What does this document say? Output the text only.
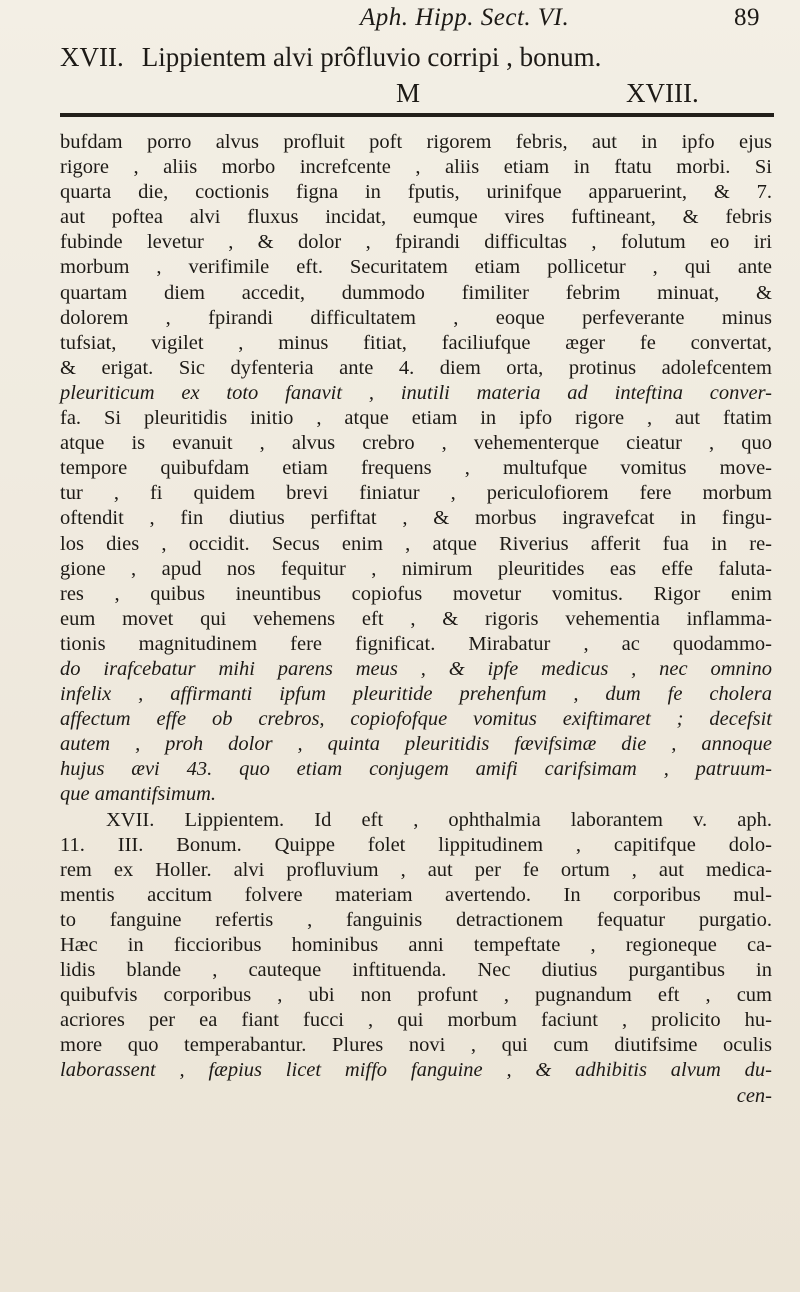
Aph. Hipp. Sect. VI.	89
XVII. Lippientem alvi prôfluvio corripi , bonum.
M	XVIII.
bufdam porro alvus profluit poft rigorem febris, aut in ipfo ejus
rigore , aliis morbo increfcente , aliis etiam in ftatu morbi. Si
quarta die, coctionis figna in fputis, urinifque apparuerint, & 7.
aut poftea alvi fluxus incidat, eumque vires fuftineant, & febris
fubinde levetur , & dolor , fpirandi difficultas , folutum eo iri
morbum , verifimile eft. Securitatem etiam pollicetur , qui ante
quartam diem accedit, dummodo fimiliter febrim minuat, &
dolorem , fpirandi difficultatem , eoque perfeverante minus
tufsiat, vigilet , minus fitiat, faciliufque æger fe convertat,
& erigat. Sic dyfenteria ante 4. diem orta, protinus adolefcentem
pleuriticum ex toto fanavit , inutili materia ad inteftina conver-
fa. Si pleuritidis initio , atque etiam in ipfo rigore , aut ftatim
atque is evanuit , alvus crebro , vehementerque cieatur , quo
tempore quibufdam etiam frequens , multufque vomitus move-
tur , fi quidem brevi finiatur , periculofiorem fere morbum
oftendit , fin diutius perfiftat , & morbus ingravefcat in fingu-
los dies , occidit. Secus enim , atque Riverius afferit fua in re-
gione , apud nos fequitur , nimirum pleuritides eas effe faluta-
res , quibus ineuntibus copiofus movetur vomitus. Rigor enim
eum movet qui vehemens eft , & rigoris vehementia inflamma-
tionis magnitudinem fere fignificat. Mirabatur , ac quodammo-
do irafcebatur mihi parens meus , & ipfe medicus , nec omnino
infelix , affirmanti ipfum pleuritide prehenfum , dum fe cholera
affectum effe ob crebros, copiofofque vomitus exiftimaret ; decefsit
autem , proh dolor , quinta pleuritidis fævifsimæ die , annoque
hujus ævi 43. quo etiam conjugem amifi carifsimam , patruum-
que amantifsimum.
XVII. Lippientem. Id eft , ophthalmia laborantem v. aph.
11. III. Bonum. Quippe folet lippitudinem , capitifque dolo-
rem ex Holler. alvi profluvium , aut per fe ortum , aut medica-
mentis accitum folvere materiam avertendo. In corporibus mul-
to fanguine refertis , fanguinis detractionem fequatur purgatio.
Hæc in ficcioribus hominibus anni tempeftate , regioneque ca-
lidis blande , cauteque inftituenda. Nec diutius purgantibus in
quibufvis corporibus , ubi non profunt , pugnandum eft , cum
acriores per ea fiant fucci , qui morbum faciunt , prolicito hu-
more quo temperabantur. Plures novi , qui cum diutifsime oculis
laborassent , fæpius licet miffo fanguine , & adhibitis alvum du-
cen-
